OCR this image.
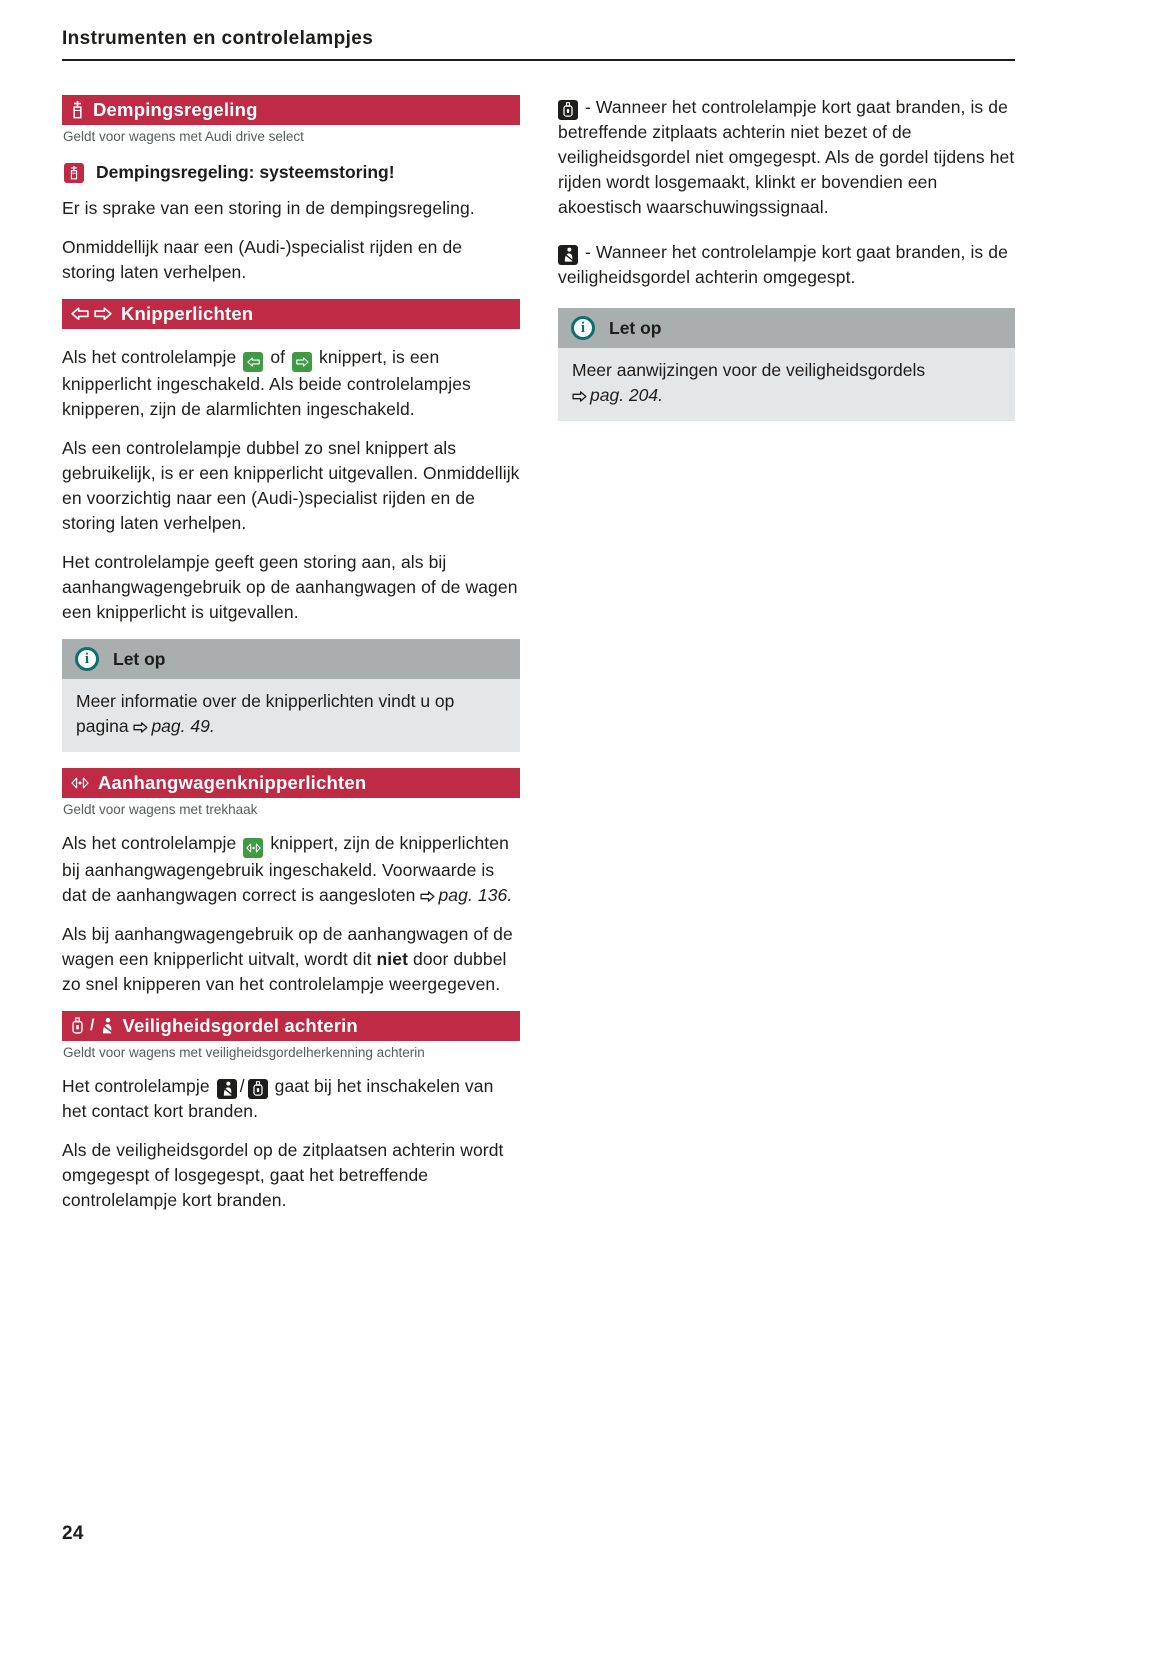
Instrumenten en controlelampjes
Dempingsregeling
Geldt voor wagens met Audi drive select
Dempingsregeling: systeemstoring!

Er is sprake van een storing in de dempingsregeling.

Onmiddellijk naar een (Audi-)specialist rijden en de storing laten verhelpen.

Knipperlichten

Als het controlelampje of knippert, is een knipperlicht ingeschakeld. Als beide controlelampjes knipperen, zijn de alarmlichten ingeschakeld.

Als een controlelampje dubbel zo snel knippert als gebruikelijk, is er een knipperlicht uitgevallen. Onmiddellijk en voorzichtig naar een (Audi-)specialist rijden en de storing laten verhelpen.

Het controlelampje geeft geen storing aan, als bij aanhangwagengebruik op de aanhangwagen of de wagen een knipperlicht is uitgevallen.

i	Let op
Meer informatie over de knipperlichten vindt u op pagina pag. 49.
Aanhangwagenknipperlichten
Geldt voor wagens met trekhaak

Als het controlelampje knippert, zijn de knipperlichten bij aanhangwagengebruik ingeschakeld. Voorwaarde is dat de aanhangwagen correct is aangesloten pag. 136.

Als bij aanhangwagengebruik op de aanhangwagen of de wagen een knipperlicht uitvalt, wordt dit niet door dubbel zo snel knipperen van het controlelampje weergegeven.

/ Veiligheidsgordel achterin
Geldt voor wagens met veiligheidsgordelherkenning achterin

Het controlelampje / gaat bij het inschakelen van het contact kort branden.

Als de veiligheidsgordel op de zitplaatsen achterin wordt omgegespt of losgegespt, gaat het betreffende controlelampje kort branden.

- Wanneer het controlelampje kort gaat branden, is de betreffende zitplaats achterin niet bezet of de veiligheidsgordel niet omgegespt. Als de gordel tijdens het rijden wordt losgemaakt, klinkt er bovendien een akoestisch waarschuwingssignaal.

- Wanneer het controlelampje kort gaat branden, is de veiligheidsgordel achterin omgegespt.

i	Let op
Meer aanwijzingen voor de veiligheidsgordels
pag. 204.
24
